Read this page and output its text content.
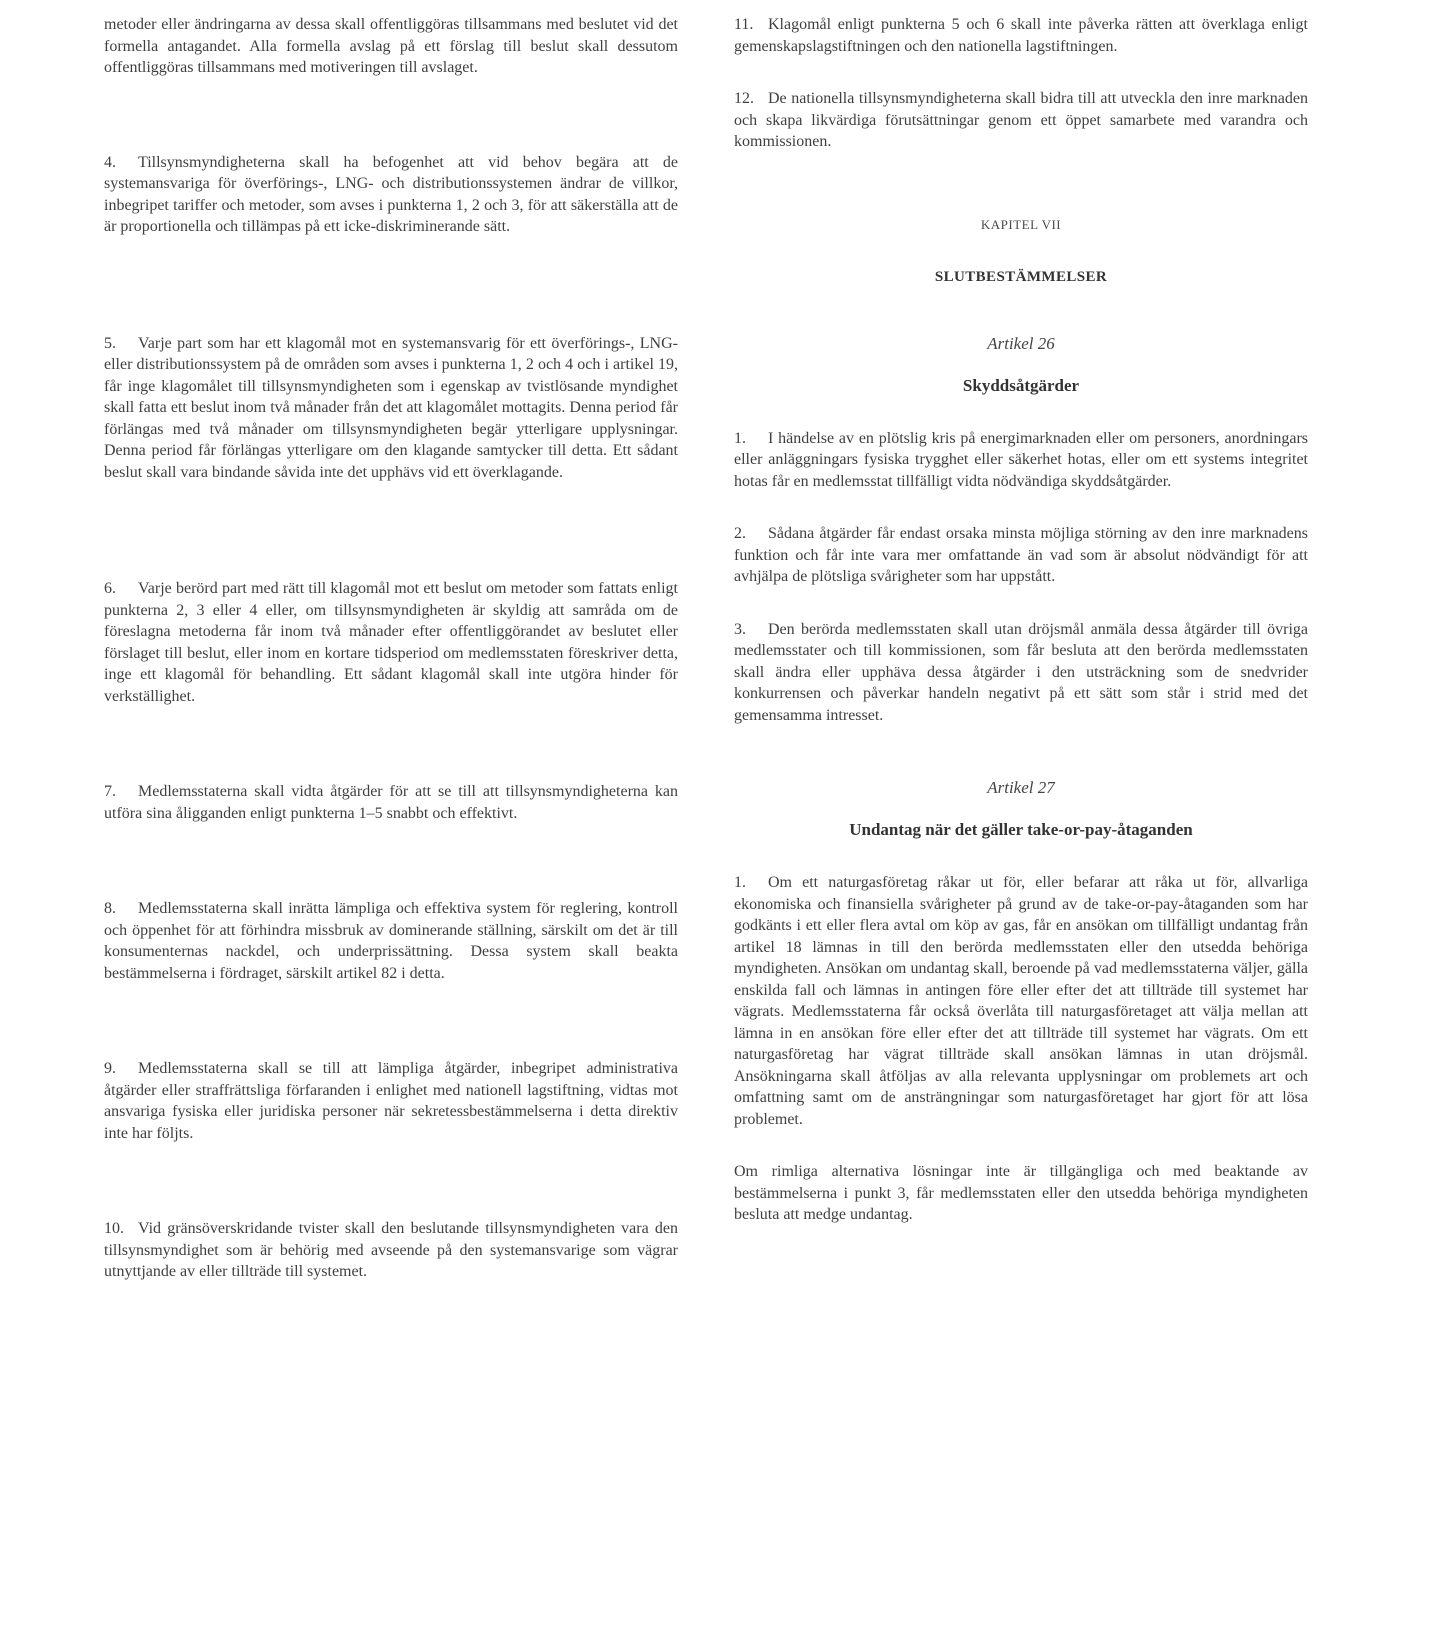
metoder eller ändringarna av dessa skall offentliggöras tillsammans med beslutet vid det formella antagandet. Alla formella avslag på ett förslag till beslut skall dessutom offentliggöras tillsammans med motiveringen till avslaget.

4. Tillsynsmyndigheterna skall ha befogenhet att vid behov begära att de systemansvariga för överförings-, LNG- och distributionssystemen ändrar de villkor, inbegripet tariffer och metoder, som avses i punkterna 1, 2 och 3, för att säkerställa att de är proportionella och tillämpas på ett icke-diskriminerande sätt.

5. Varje part som har ett klagomål mot en systemansvarig för ett överförings-, LNG- eller distributionssystem på de områden som avses i punkterna 1, 2 och 4 och i artikel 19, får inge klagomålet till tillsynsmyndigheten som i egenskap av tvistlösande myndighet skall fatta ett beslut inom två månader från det att klagomålet mottagits. Denna period får förlängas med två månader om tillsynsmyndigheten begär ytterligare upplysningar. Denna period får förlängas ytterligare om den klagande samtycker till detta. Ett sådant beslut skall vara bindande såvida inte det upphävs vid ett överklagande.

6. Varje berörd part med rätt till klagomål mot ett beslut om metoder som fattats enligt punkterna 2, 3 eller 4 eller, om tillsynsmyndigheten är skyldig att samråda om de föreslagna metoderna får inom två månader efter offentliggörandet av beslutet eller förslaget till beslut, eller inom en kortare tidsperiod om medlemsstaten föreskriver detta, inge ett klagomål för behandling. Ett sådant klagomål skall inte utgöra hinder för verkställighet.

7. Medlemsstaterna skall vidta åtgärder för att se till att tillsynsmyndigheterna kan utföra sina åligganden enligt punkterna 1–5 snabbt och effektivt.

8. Medlemsstaterna skall inrätta lämpliga och effektiva system för reglering, kontroll och öppenhet för att förhindra missbruk av dominerande ställning, särskilt om det är till konsumenternas nackdel, och underprissättning. Dessa system skall beakta bestämmelserna i fördraget, särskilt artikel 82 i detta.

9. Medlemsstaterna skall se till att lämpliga åtgärder, inbegripet administrativa åtgärder eller straffrättsliga förfaranden i enlighet med nationell lagstiftning, vidtas mot ansvariga fysiska eller juridiska personer när sekretessbestämmelserna i detta direktiv inte har följts.

10. Vid gränsöverskridande tvister skall den beslutande tillsynsmyndigheten vara den tillsynsmyndighet som är behörig med avseende på den systemansvarige som vägrar utnyttjande av eller tillträde till systemet.

11. Klagomål enligt punkterna 5 och 6 skall inte påverka rätten att överklaga enligt gemenskapslagstiftningen och den nationella lagstiftningen.

12. De nationella tillsynsmyndigheterna skall bidra till att utveckla den inre marknaden och skapa likvärdiga förutsättningar genom ett öppet samarbete med varandra och kommissionen.

KAPITEL VII

SLUTBESTÄMMELSER

Artikel 26

Skyddsåtgärder

1. I händelse av en plötslig kris på energimarknaden eller om personers, anordningars eller anläggningars fysiska trygghet eller säkerhet hotas, eller om ett systems integritet hotas får en medlemsstat tillfälligt vidta nödvändiga skyddsåtgärder.

2. Sådana åtgärder får endast orsaka minsta möjliga störning av den inre marknadens funktion och får inte vara mer omfattande än vad som är absolut nödvändigt för att avhjälpa de plötsliga svårigheter som har uppstått.

3. Den berörda medlemsstaten skall utan dröjsmål anmäla dessa åtgärder till övriga medlemsstater och till kommissionen, som får besluta att den berörda medlemsstaten skall ändra eller upphäva dessa åtgärder i den utsträckning som de snedvrider konkurrensen och påverkar handeln negativt på ett sätt som står i strid med det gemensamma intresset.

Artikel 27

Undantag när det gäller take-or-pay-åtaganden

1. Om ett naturgasföretag råkar ut för, eller befarar att råka ut för, allvarliga ekonomiska och finansiella svårigheter på grund av de take-or-pay-åtaganden som har godkänts i ett eller flera avtal om köp av gas, får en ansökan om tillfälligt undantag från artikel 18 lämnas in till den berörda medlemsstaten eller den utsedda behöriga myndigheten. Ansökan om undantag skall, beroende på vad medlemsstaterna väljer, gälla enskilda fall och lämnas in antingen före eller efter det att tillträde till systemet har vägrats. Medlemsstaterna får också överlåta till naturgasföretaget att välja mellan att lämna in en ansökan före eller efter det att tillträde till systemet har vägrats. Om ett naturgasföretag har vägrat tillträde skall ansökan lämnas in utan dröjsmål. Ansökningarna skall åtföljas av alla relevanta upplysningar om problemets art och omfattning samt om de ansträngningar som naturgasföretaget har gjort för att lösa problemet.

Om rimliga alternativa lösningar inte är tillgängliga och med beaktande av bestämmelserna i punkt 3, får medlemsstaten eller den utsedda behöriga myndigheten besluta att medge undantag.
